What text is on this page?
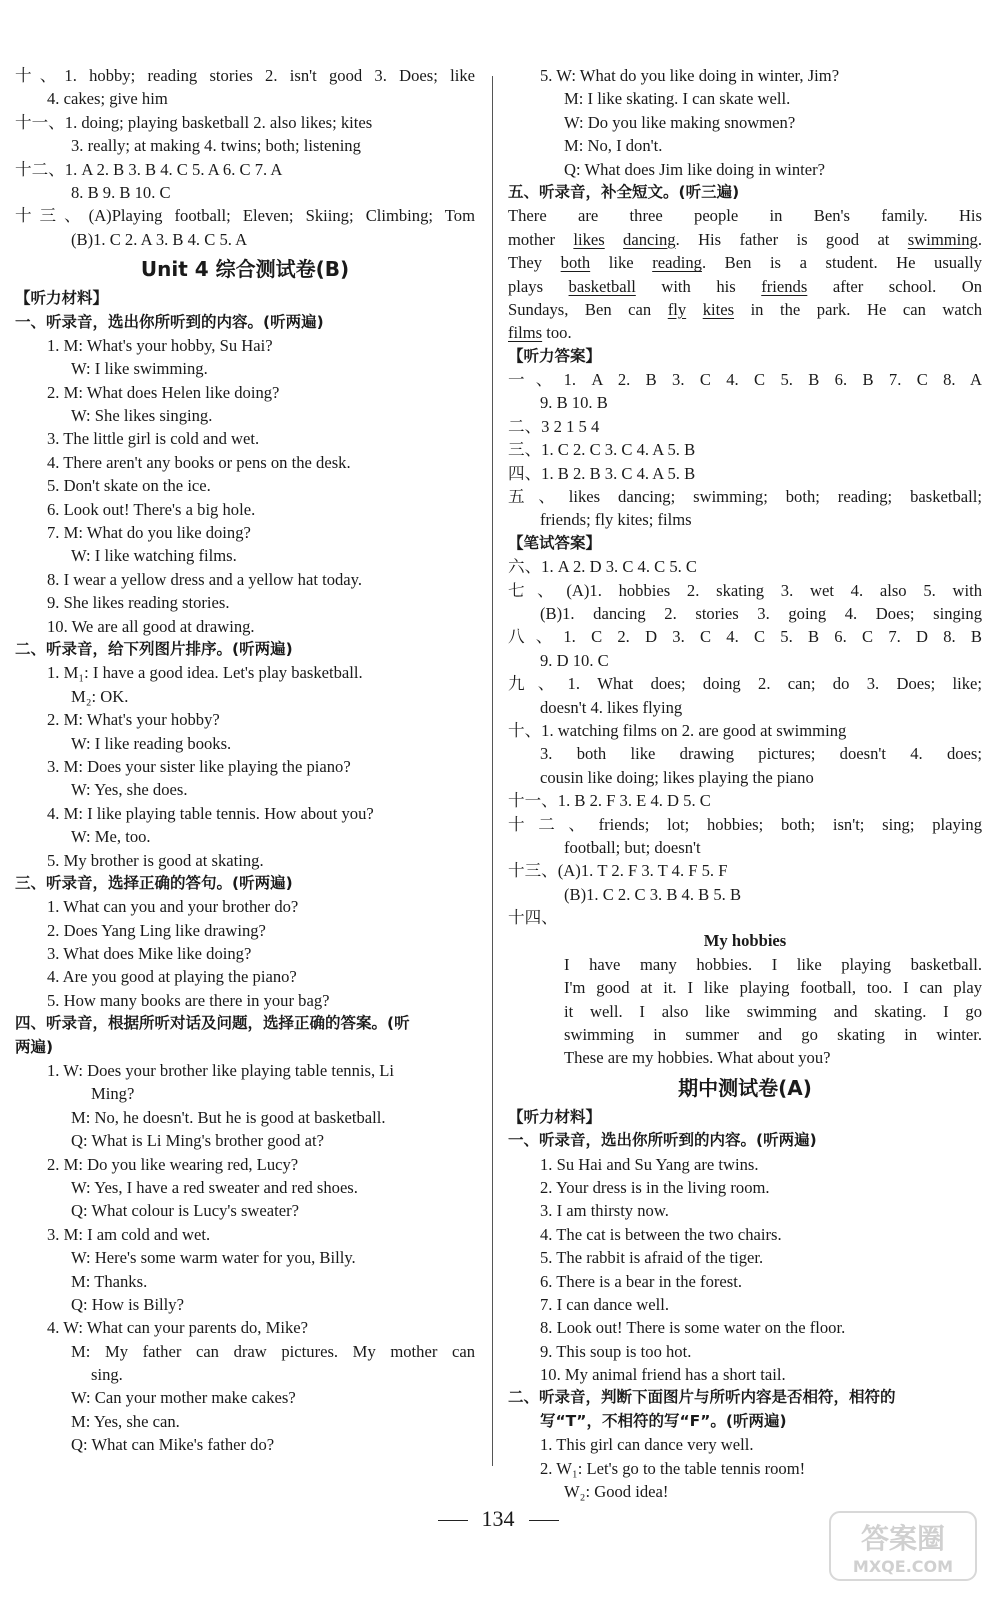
十、1. hobby; reading stories 2. isn't good 3. Does; like
4. cakes; give him
十一、1. doing; playing basketball 2. also likes; kites
3. really; at making 4. twins; both; listening
十二、1. A 2. B 3. B 4. C 5. A 6. C 7. A
8. B 9. B 10. C
十三、(A)Playing football; Eleven; Skiing; Climbing; Tom
(B)1. C 2. A 3. B 4. C 5. A
Unit 4 综合测试卷(B)
【听力材料】
一、听录音，选出你所听到的内容。(听两遍)
1. M: What's your hobby, Su Hai?
W: I like swimming.
2. M: What does Helen like doing?
W: She likes singing.
3. The little girl is cold and wet.
4. There aren't any books or pens on the desk.
5. Don't skate on the ice.
6. Look out! There's a big hole.
7. M: What do you like doing?
W: I like watching films.
8. I wear a yellow dress and a yellow hat today.
9. She likes reading stories.
10. We are all good at drawing.
二、听录音，给下列图片排序。(听两遍)
1. M₁: I have a good idea. Let's play basketball.
M₂: OK.
2. M: What's your hobby?
W: I like reading books.
3. M: Does your sister like playing the piano?
W: Yes, she does.
4. M: I like playing table tennis. How about you?
W: Me, too.
5. My brother is good at skating.
三、听录音，选择正确的答句。(听两遍)
1. What can you and your brother do?
2. Does Yang Ling like drawing?
3. What does Mike like doing?
4. Are you good at playing the piano?
5. How many books are there in your bag?
四、听录音，根据所听对话及问题，选择正确的答案。(听
两遍)
1. W: Does your brother like playing table tennis, Li
Ming?
M: No, he doesn't. But he is good at basketball.
Q: What is Li Ming's brother good at?
2. M: Do you like wearing red, Lucy?
W: Yes, I have a red sweater and red shoes.
Q: What colour is Lucy's sweater?
3. M: I am cold and wet.
W: Here's some warm water for you, Billy.
M: Thanks.
Q: How is Billy?
4. W: What can your parents do, Mike?
M: My father can draw pictures. My mother can
sing.
W: Can your mother make cakes?
M: Yes, she can.
Q: What can Mike's father do?
5. W: What do you like doing in winter, Jim?
M: I like skating. I can skate well.
W: Do you like making snowmen?
M: No, I don't.
Q: What does Jim like doing in winter?
五、听录音，补全短文。(听三遍)
There are three people in Ben's family. His
mother likes dancing. His father is good at swimming.
They both like reading. Ben is a student. He usually
plays basketball with his friends after school. On
Sundays, Ben can fly kites in the park. He can watch
films too.
【听力答案】
一、1. A 2. B 3. C 4. C 5. B 6. B 7. C 8. A
9. B 10. B
二、3 2 1 5 4
三、1. C 2. C 3. C 4. A 5. B
四、1. B 2. B 3. C 4. A 5. B
五、likes dancing; swimming; both; reading; basketball;
friends; fly kites; films
【笔试答案】
六、1. A 2. D 3. C 4. C 5. C
七、(A)1. hobbies 2. skating 3. wet 4. also 5. with
(B)1. dancing 2. stories 3. going 4. Does; singing
八、1. C 2. D 3. C 4. C 5. B 6. C 7. D 8. B
9. D 10. C
九、1. What does; doing 2. can; do 3. Does; like;
doesn't 4. likes flying
十、1. watching films on 2. are good at swimming
3. both like drawing pictures; doesn't 4. does;
cousin like doing; likes playing the piano
十一、1. B 2. F 3. E 4. D 5. C
十二、friends; lot; hobbies; both; isn't; sing; playing
football; but; doesn't
十三、(A)1. T 2. F 3. T 4. F 5. F
(B)1. C 2. C 3. B 4. B 5. B
十四、
My hobbies
I have many hobbies. I like playing basketball.
I'm good at it. I like playing football, too. I can play
it well. I also like swimming and skating. I go
swimming in summer and go skating in winter.
These are my hobbies. What about you?
期中测试卷(A)
【听力材料】
一、听录音，选出你所听到的内容。(听两遍)
1. Su Hai and Su Yang are twins.
2. Your dress is in the living room.
3. I am thirsty now.
4. The cat is between the two chairs.
5. The rabbit is afraid of the tiger.
6. There is a bear in the forest.
7. I can dance well.
8. Look out! There is some water on the floor.
9. This soup is too hot.
10. My animal friend has a short tail.
二、听录音，判断下面图片与所听内容是否相符，相符的
写“T”，不相符的写“F”。(听两遍)
1. This girl can dance very well.
2. W₁: Let's go to the table tennis room!
W₂: Good idea!
134
答案圈
MXQE.COM
